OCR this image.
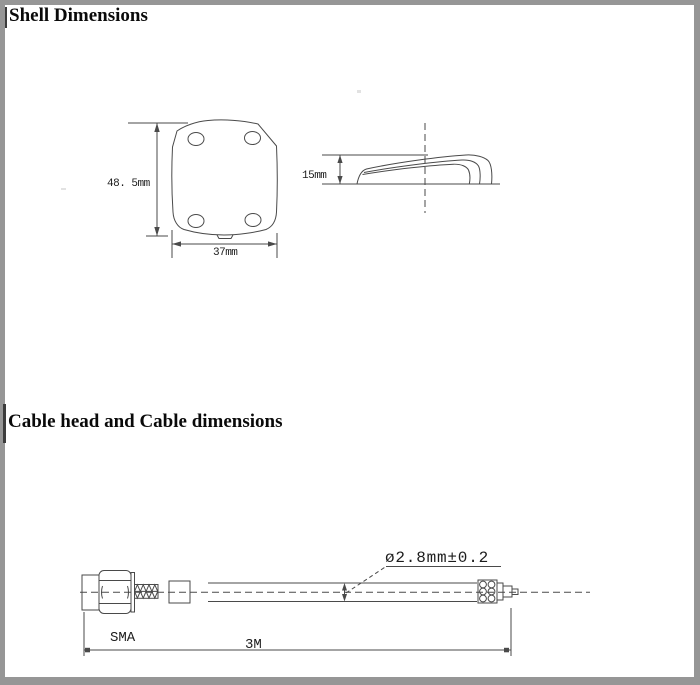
Shell Dimensions
Cable head and Cable dimensions
48. 5mm
37mm
15mm
ø2.8mm±0.2
SMA	3M
